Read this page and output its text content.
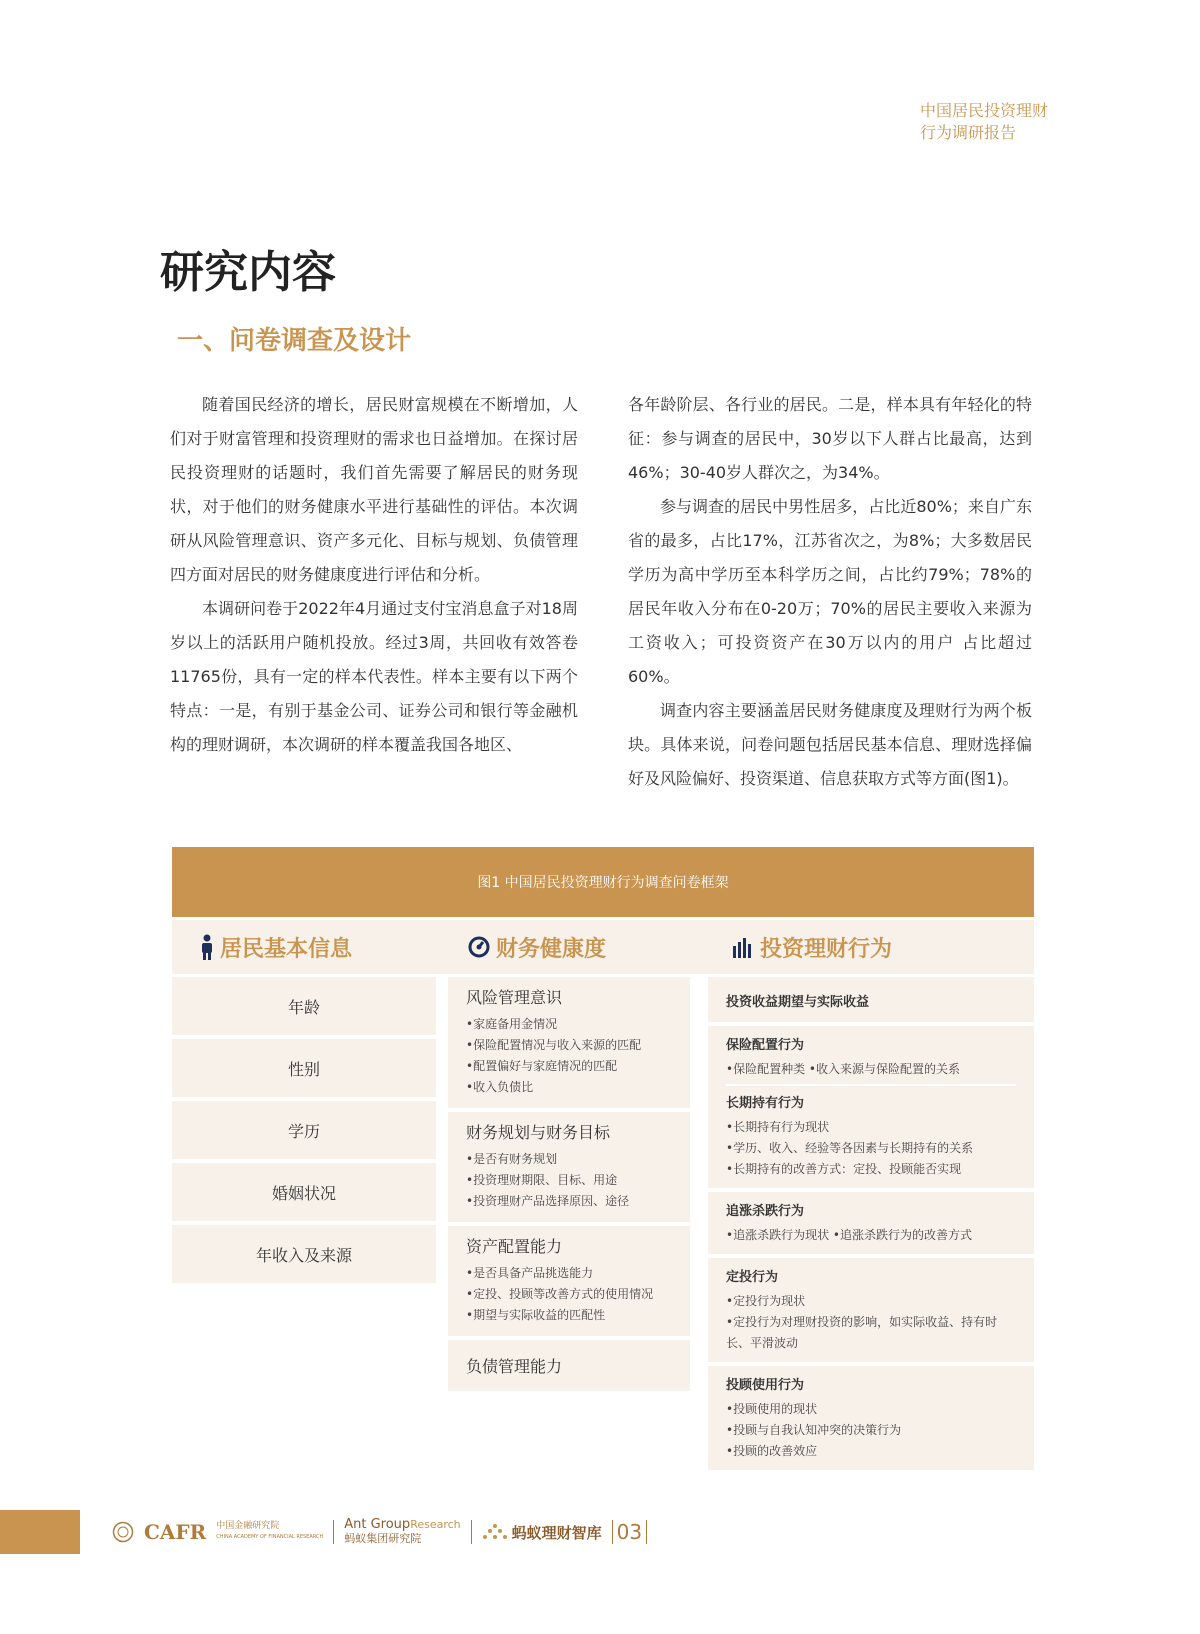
中国居民投资理财
行为调研报告
研究内容
一、问卷调查及设计

随着国民经济的增长，居民财富规模在不断增加，人们对于财富管理和投资理财的需求也日益增加。在探讨居民投资理财的话题时，我们首先需要了解居民的财务现状，对于他们的财务健康水平进行基础性的评估。本次调研从风险管理意识、资产多元化、目标与规划、负债管理四方面对居民的财务健康度进行评估和分析。

本调研问卷于2022年4月通过支付宝消息盒子对18周岁以上的活跃用户随机投放。经过3周，共回收有效答卷11765份，具有一定的样本代表性。样本主要有以下两个特点：一是，有别于基金公司、证券公司和银行等金融机构的理财调研，本次调研的样本覆盖我国各地区、

各年龄阶层、各行业的居民。二是，样本具有年轻化的特征：参与调查的居民中，30岁以下人群占比最高，达到46%；30-40岁人群次之，为34%。

参与调查的居民中男性居多，占比近80%；来自广东省的最多，占比17%，江苏省次之，为8%；大多数居民学历为高中学历至本科学历之间，占比约79%；78%的居民年收入分布在0-20万；70%的居民主要收入来源为工资收入；可投资资产在30万以内的用户 占比超过60%。

调查内容主要涵盖居民财务健康度及理财行为两个板块。具体来说，问卷问题包括居民基本信息、理财选择偏好及风险偏好、投资渠道、信息获取方式等方面(图1)。

图1 中国居民投资理财行为调查问卷框架
居民基本信息	财务健康度	投资理财行为
年龄
性别
学历
婚姻状况
年收入及来源
风险管理意识
•家庭备用金情况
•保险配置情况与收入来源的匹配
•配置偏好与家庭情况的匹配
•收入负债比
财务规划与财务目标
•是否有财务规划
•投资理财期限、目标、用途
•投资理财产品选择原因、途径
资产配置能力
•是否具备产品挑选能力
•定投、投顾等改善方式的使用情况
•期望与实际收益的匹配性
负债管理能力
投资收益期望与实际收益
保险配置行为
•保险配置种类 •收入来源与保险配置的关系
长期持有行为
•长期持有行为现状
•学历、收入、经验等各因素与长期持有的关系
•长期持有的改善方式：定投、投顾能否实现
追涨杀跌行为
•追涨杀跌行为现状 •追涨杀跌行为的改善方式
定投行为
•定投行为现状
•定投行为对理财投资的影响，如实际收益、持有时长、平滑波动
投顾使用行为
•投顾使用的现状
•投顾与自我认知冲突的决策行为
•投顾的改善效应
CAFR 中国金融研究院
CHINA ACADEMY OF FINANCIAL RESEARCH
Ant GroupResearch
蚂蚁集团研究院	蚂蚁理财智库 03
